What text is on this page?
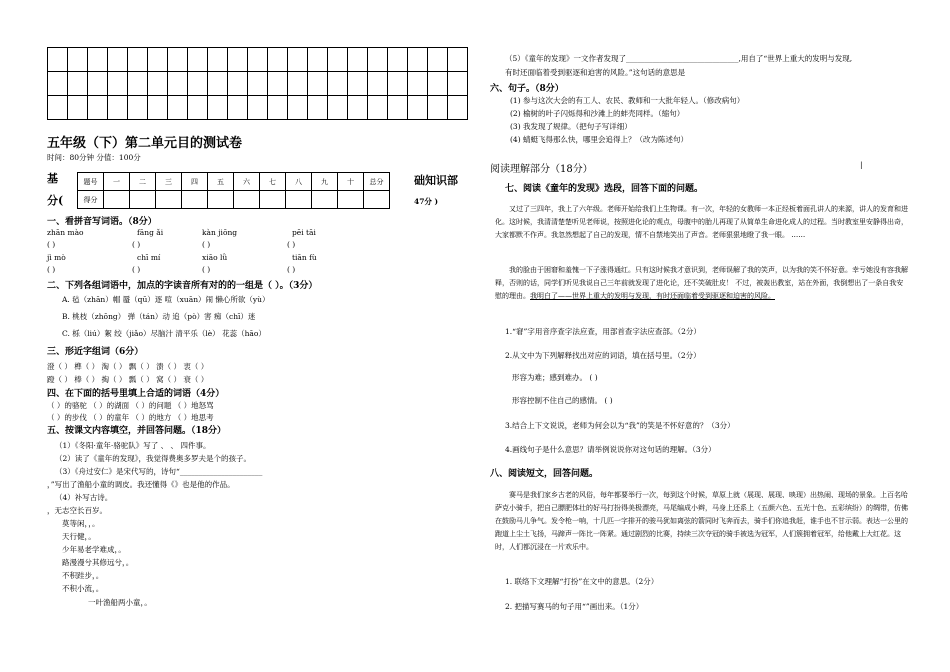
五年级（下）第二单元目的测试卷
时间：80分钟 分值：100分
基
分(
题号	一	二	三	四	五	六	七	八	九	十	总分
得分											
础知识部
47分 )
一、看拼音写词语。（8分）
zhān mào	fāng ǎi	kàn jiōng	pēi tāi
( )	( )	( )	( )
jì mò	chī mí	xiāo lǜ	tiān fù
( )	( )	( )	( )
二、下列各组词语中，加点的字读音所有对的的一组是（ ）。（3分）
A. 毡（zhān）帽 蜃（qū）逐 喧（xuān）闹 懒心所欲（yù）
B. 桃枝（zhōng） 弹（tán）动 追（pò）害 痴（chī）迷
C. 栎（liú）絮 绞（jiǎo）尽脑汁 清平乐（lè） 花蕊（hāo）
三、形近字组词（6分）
澄（ ） 榫（ ） 淘（ ） 飘（ ） 溃（ ） 衷（ ）
蹬（ ） 棒（ ） 掏（ ） 瓢（ ） 窝（ ） 衰（ ）
四、在下面的括号里填上合适的词语（4分）
（ ）的骆驼 （ ）的湖面 （ ）的问题 （ ）地怒骂
（ ）的步伐 （ ）的童年 （ ）的地方 （ ）地思考
五、按课文内容填空，并回答问题。（18分）
（1）《冬阳·童年·骆驼队》写了 、 、 四件事。
（2）读了《童年的发现》，我觉得费奥多罗夫是个的孩子。
（3）《舟过安仁》是宋代写的，诗句“______________________
，”写出了渔船小童的调皮。我还懂得《》也是他的作品。
（4）补写古诗。
，无志空长百岁。
莫等闲，，。
天行健，。
少年易老学难成，。
路漫漫兮其修远兮，。
不积跬步，。
不积小流，。
一叶渔船两小童，。
（5）《童年的发现》一文作者发现了______________________________,用自了“世界上重大的发明与发现,
有时还面临着受到驱逐和迫害的风险。”这句话的意思是
六、句子。（8分）
(1) 参与这次大会的有工人、农民、教师和一大批年轻人。（修改病句）
(2) 榆树的叶子闪烁得和沙滩上的蚌壳同样。（缩句）
(3) 我发现了规律。（把句子写详细）
(4) 蜻蜓飞得那么快，哪里会追得上？（改为陈述句）
阅读理解部分（18分）	|
七、阅读《童年的发现》选段，回答下面的问题。
又过了三四年，我上了六年级。老师开始给我们上生物课。有一次，年轻的女教师一本正经板着面孔讲人的来源，讲人的发育和进化。这时候，我清清楚楚听见老师说，按照进化论的观点，母腹中的胎儿再现了从简单生命进化成人的过程。当时教室里安静得出奇，大家都默不作声。我忽然想起了自己的发现，情不自禁地笑出了声音。老师狠狠地瞪了我一眼。 ……
我的脸由于困窘和羞愧一下子涨得通红。只有这时候我才意识到，老师误解了我的笑声，以为我的笑不怀好意。幸亏她没有容我解释，否则的话，同学们听见我说自己三年前就发现了进化论，还不笑破肚皮！ 不过，被轰出教室，站在外面，我倒想出了一条自我安慰的理由。我明白了——世界上重大的发明与发现，有时还面临着受到驱逐和迫害的风险。
1.“窘”字用音序查字法应查，用部首查字法应查部。（2分）
2.从文中为下列解释找出对应的词语，填在括号里。（2分）
形容为难；感到难办。 ( )
形容控制不住自己的感情。 ( )
3.结合上下文说说，老师为何会以为“我”的笑是不怀好意的？（3分）
4.画线句子是什么意思？请举例说说你对这句话的理解。（3分）
八、阅读短文，回答问题。
赛马是我们家乡古老的风俗，每年都要举行一次，每到这个时候，草原上就（展现、展现、映现）出热闹、现场的景象。上百名哈萨克小骑手，把自己膘肥体壮的好马打扮得美极漂亮，马尾编成小辫，马身上还系上（五颜六色、五光十色、五彩缤纷）的绸带，仿佛在鼓励马儿争气。发令枪一响，十几匹一字排开的骏马犹如离弦的箭同时飞奔而去，骑手们你追我赶，谁手也不甘示弱。表达一公里的跑道上尘土飞扬，马蹄声一阵比一阵紧。通过剧烈的比赛，持续三次夺冠的骑手被选为冠军，人们簇拥着冠军，给他戴上大红花。这时，人们都沉浸在一片欢乐中。
1. 联络下文理解“打扮”在文中的意思。（2分）
2. 把描写赛马的句子用“”画出来。（1分）
